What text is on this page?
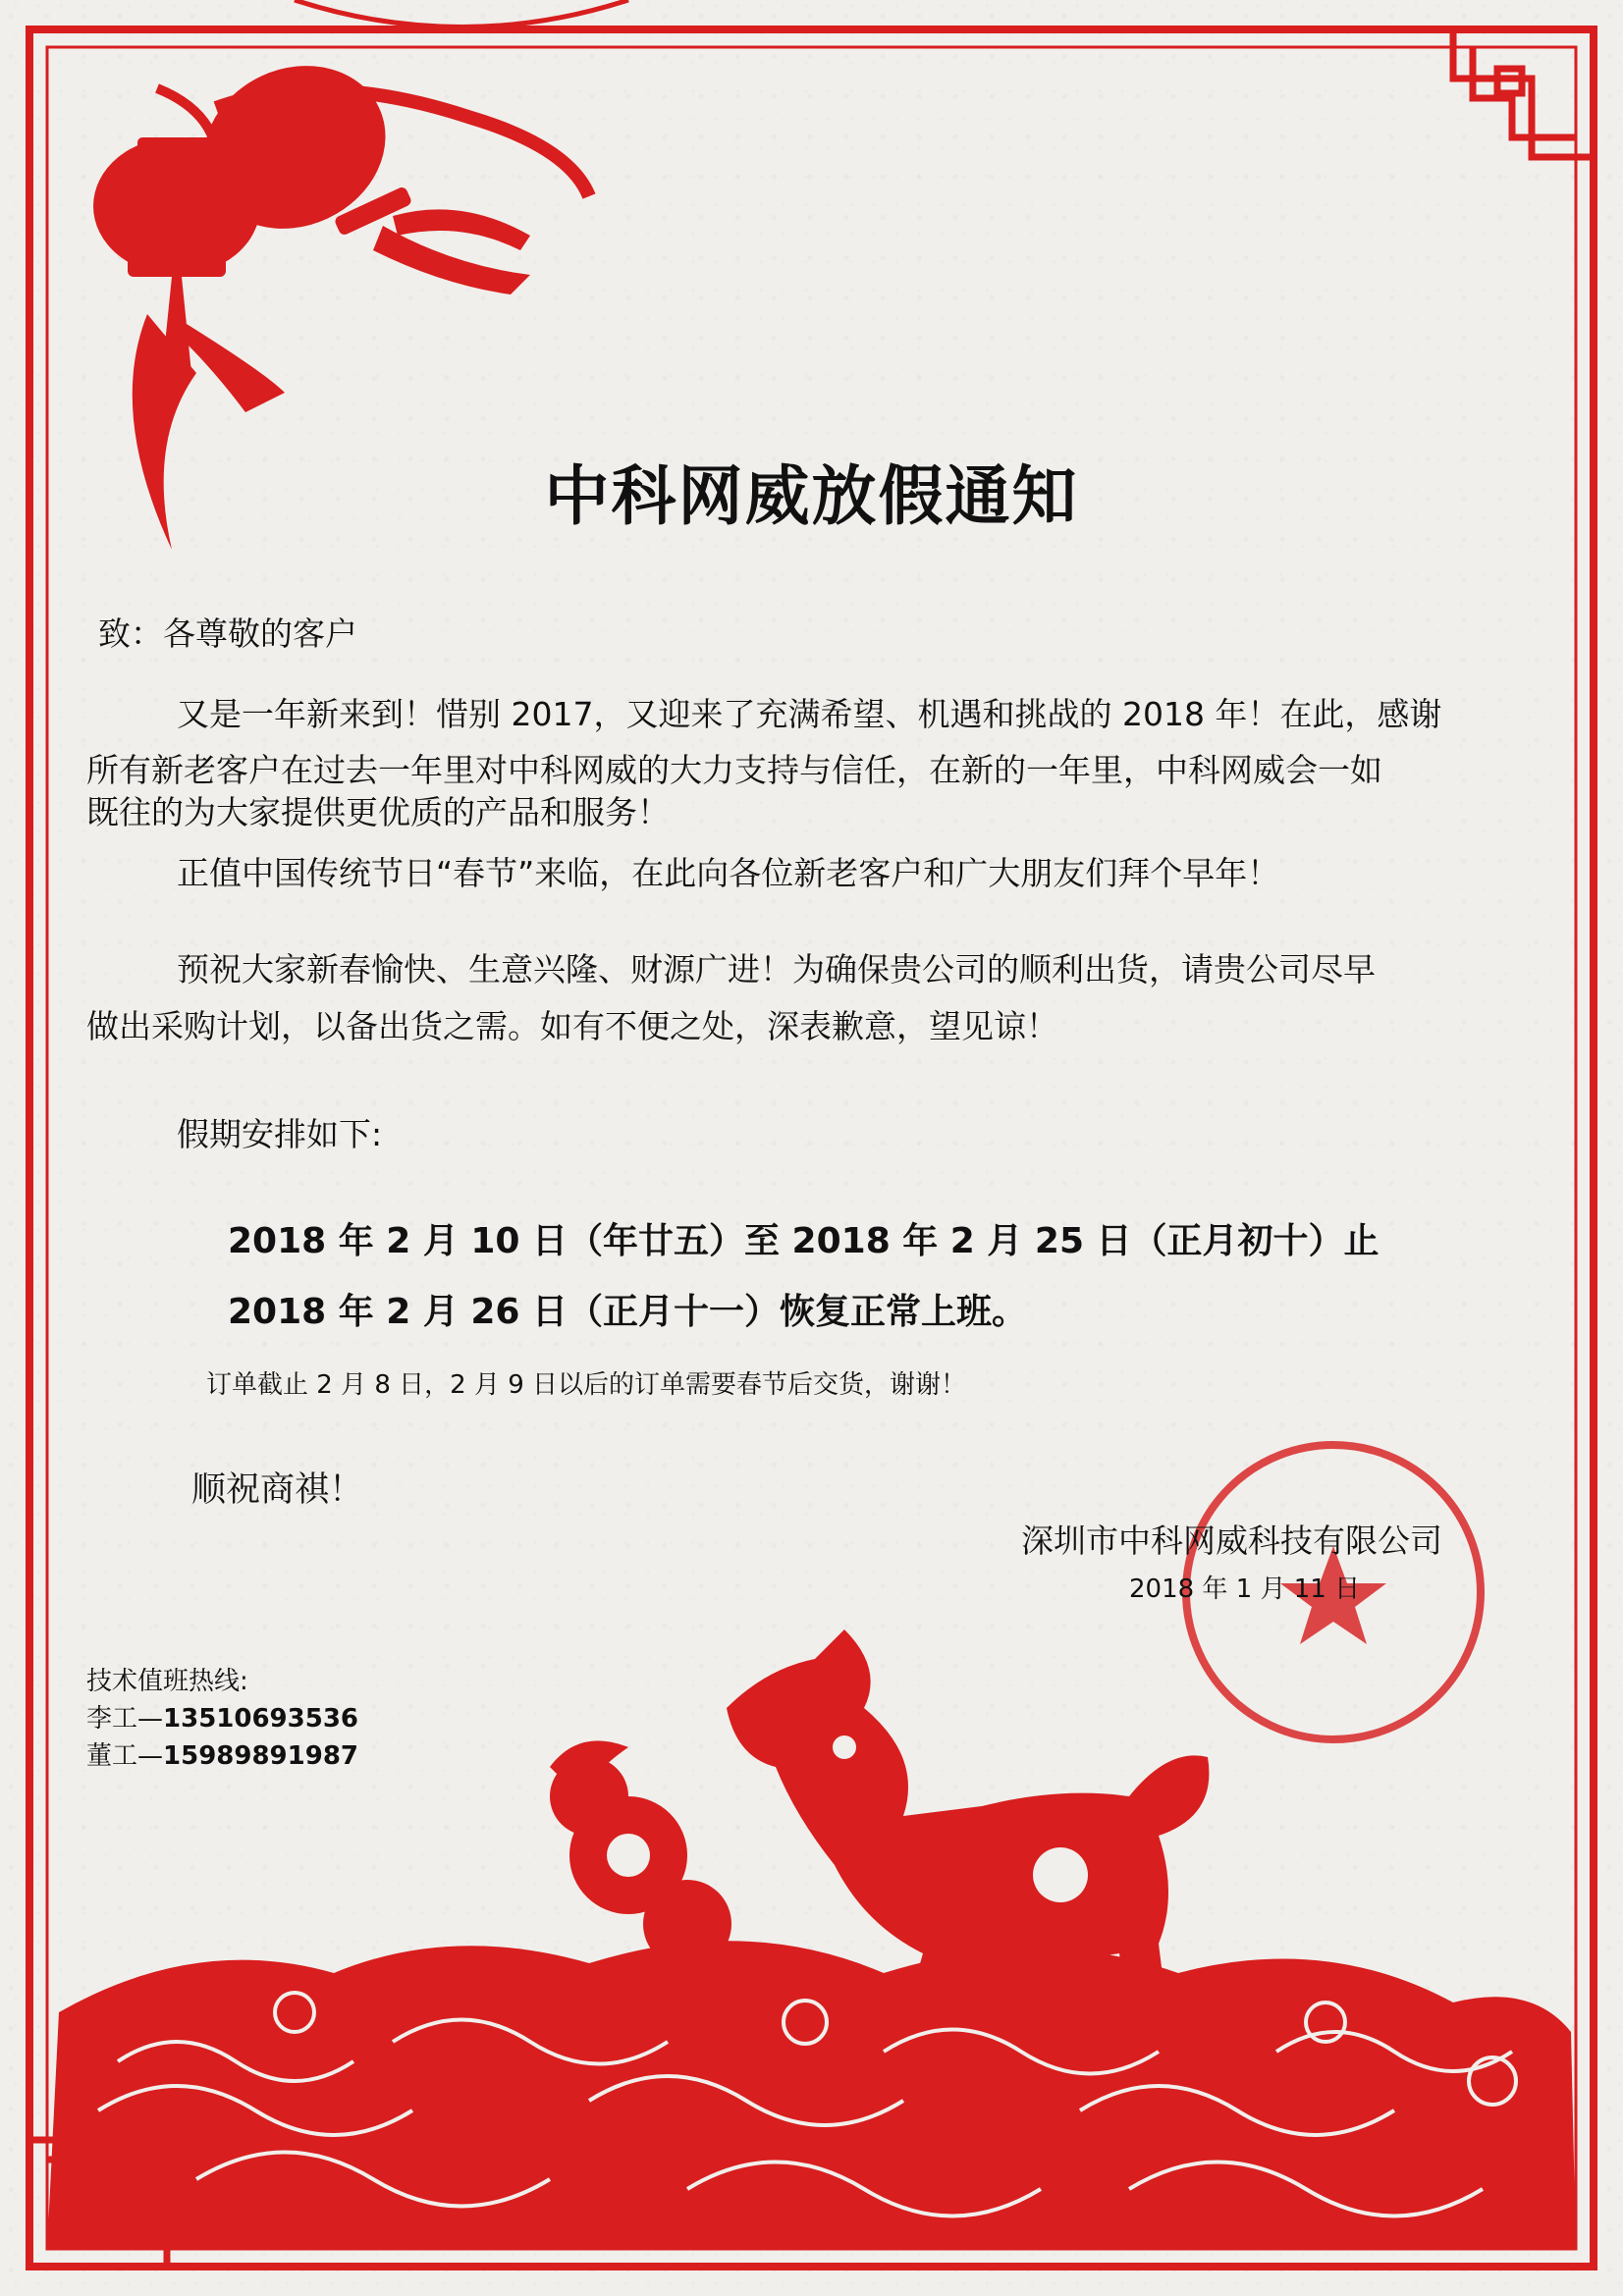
中科网威放假通知
致：各尊敬的客户
又是一年新来到！惜别 2017，又迎来了充满希望、机遇和挑战的 2018 年！在此，感谢
所有新老客户在过去一年里对中科网威的大力支持与信任，在新的一年里，中科网威会一如
既往的为大家提供更优质的产品和服务！
正值中国传统节日“春节”来临，在此向各位新老客户和广大朋友们拜个早年！
预祝大家新春愉快、生意兴隆、财源广进！为确保贵公司的顺利出货，请贵公司尽早
做出采购计划，以备出货之需。如有不便之处，深表歉意，望见谅！
假期安排如下:
2018 年 2 月 10 日（年廿五）至 2018 年 2 月 25 日（正月初十）止
2018 年 2 月 26 日（正月十一）恢复正常上班。
订单截止 2 月 8 日，2 月 9 日以后的订单需要春节后交货，谢谢！
顺祝商祺！
深圳市中科网威科技有限公司
2018 年 1 月 11 日
技术值班热线:
李工—13510693536
董工—15989891987
